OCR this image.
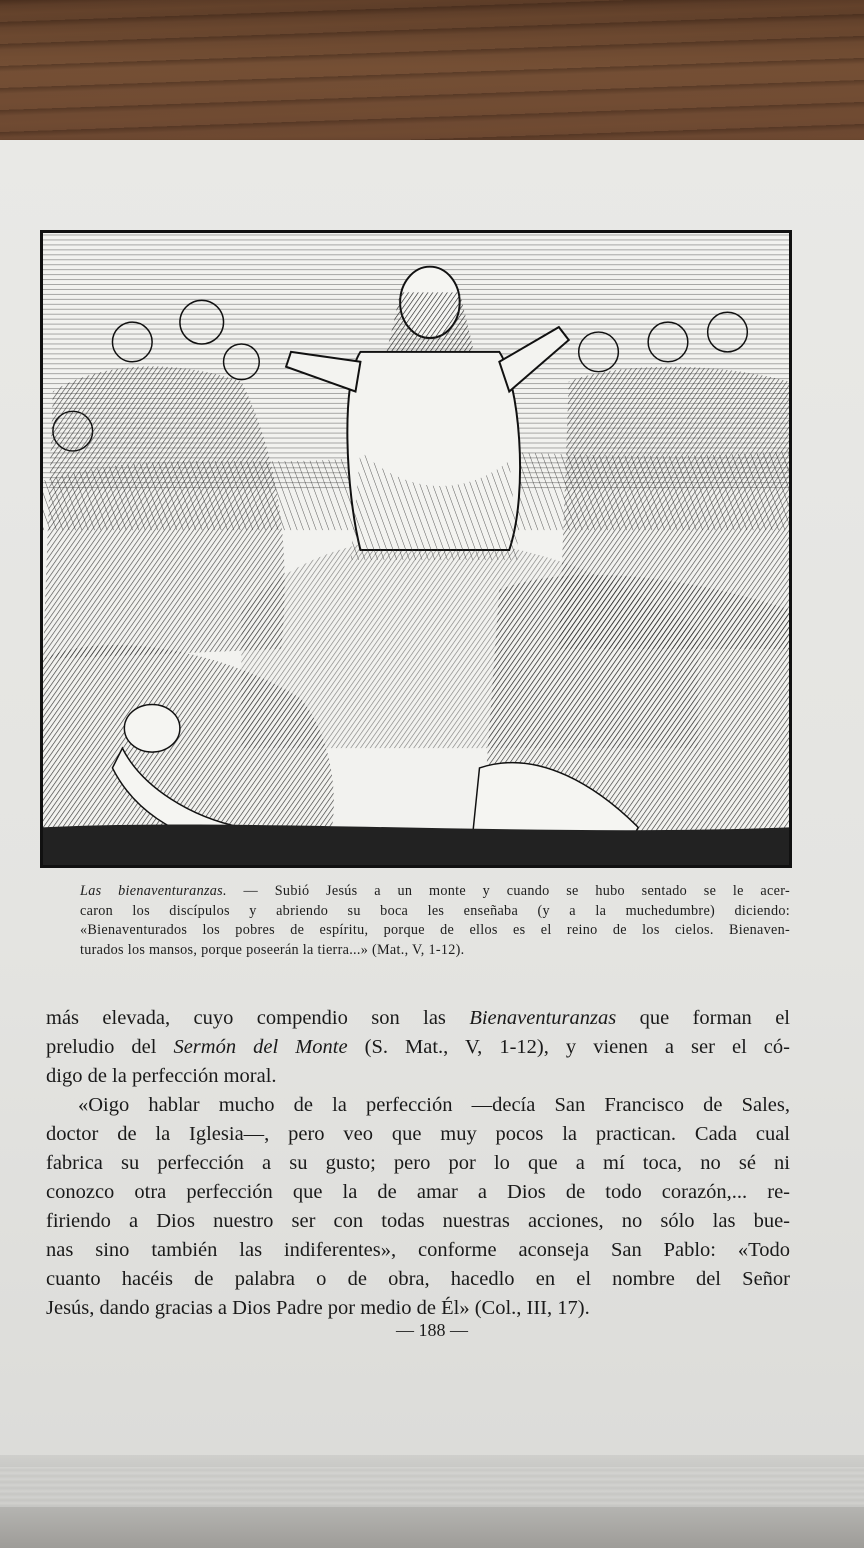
Las bienaventuranzas. — Subió Jesús a un monte y cuando se hubo sentado se le acer-
caron los discípulos y abriendo su boca les enseñaba (y a la muchedumbre) diciendo:
«Bienaventurados los pobres de espíritu, porque de ellos es el reino de los cielos. Bienaven-
turados los mansos, porque poseerán la tierra...» (Mat., V, 1-12).
más elevada, cuyo compendio son las Bienaventuranzas que forman el
preludio del Sermón del Monte (S. Mat., V, 1-12), y vienen a ser el có-
digo de la perfección moral.
«Oigo hablar mucho de la perfección —decía San Francisco de Sales,
doctor de la Iglesia—, pero veo que muy pocos la practican. Cada cual
fabrica su perfección a su gusto; pero por lo que a mí toca, no sé ni
conozco otra perfección que la de amar a Dios de todo corazón,... re-
firiendo a Dios nuestro ser con todas nuestras acciones, no sólo las bue-
nas sino también las indiferentes», conforme aconseja San Pablo: «Todo
cuanto hacéis de palabra o de obra, hacedlo en el nombre del Señor
Jesús, dando gracias a Dios Padre por medio de Él» (Col., III, 17).
— 188 —
